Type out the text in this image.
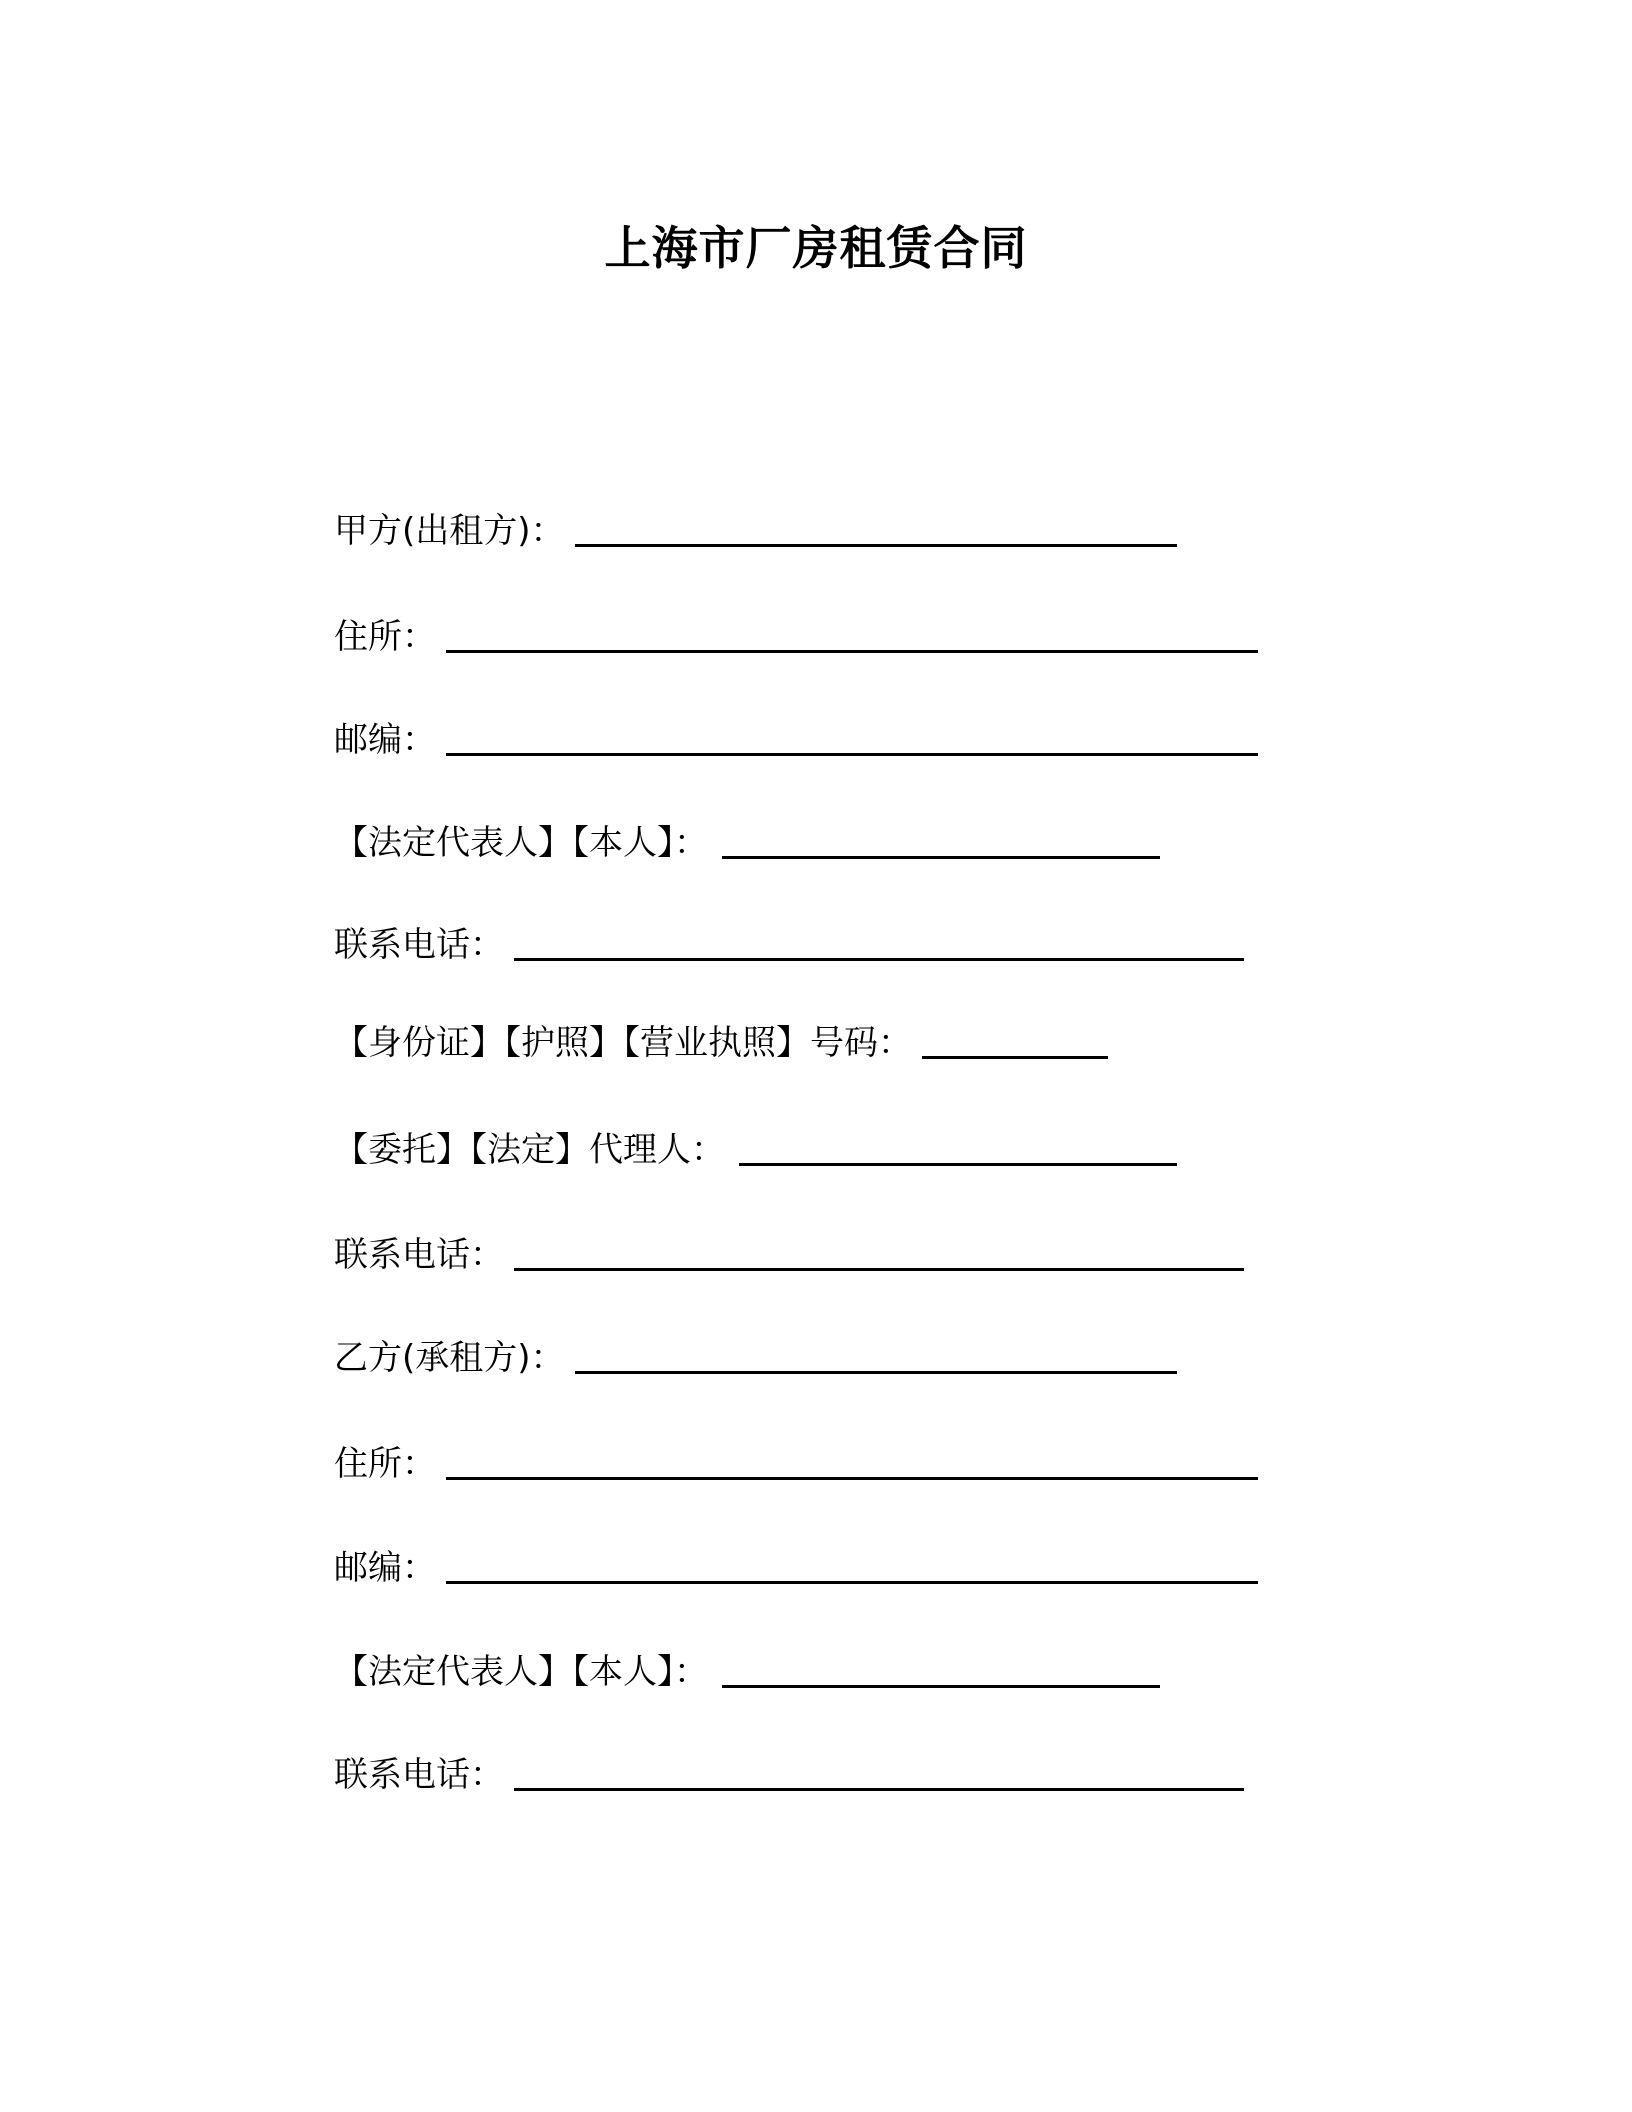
上海市厂房租赁合同
甲方(出租方)：
住所：
邮编：
【法定代表人】【本人】：
联系电话：
【身份证】【护照】【营业执照】号码：
【委托】【法定】代理人：
联系电话：
乙方(承租方)：
住所：
邮编：
【法定代表人】【本人】：
联系电话：
